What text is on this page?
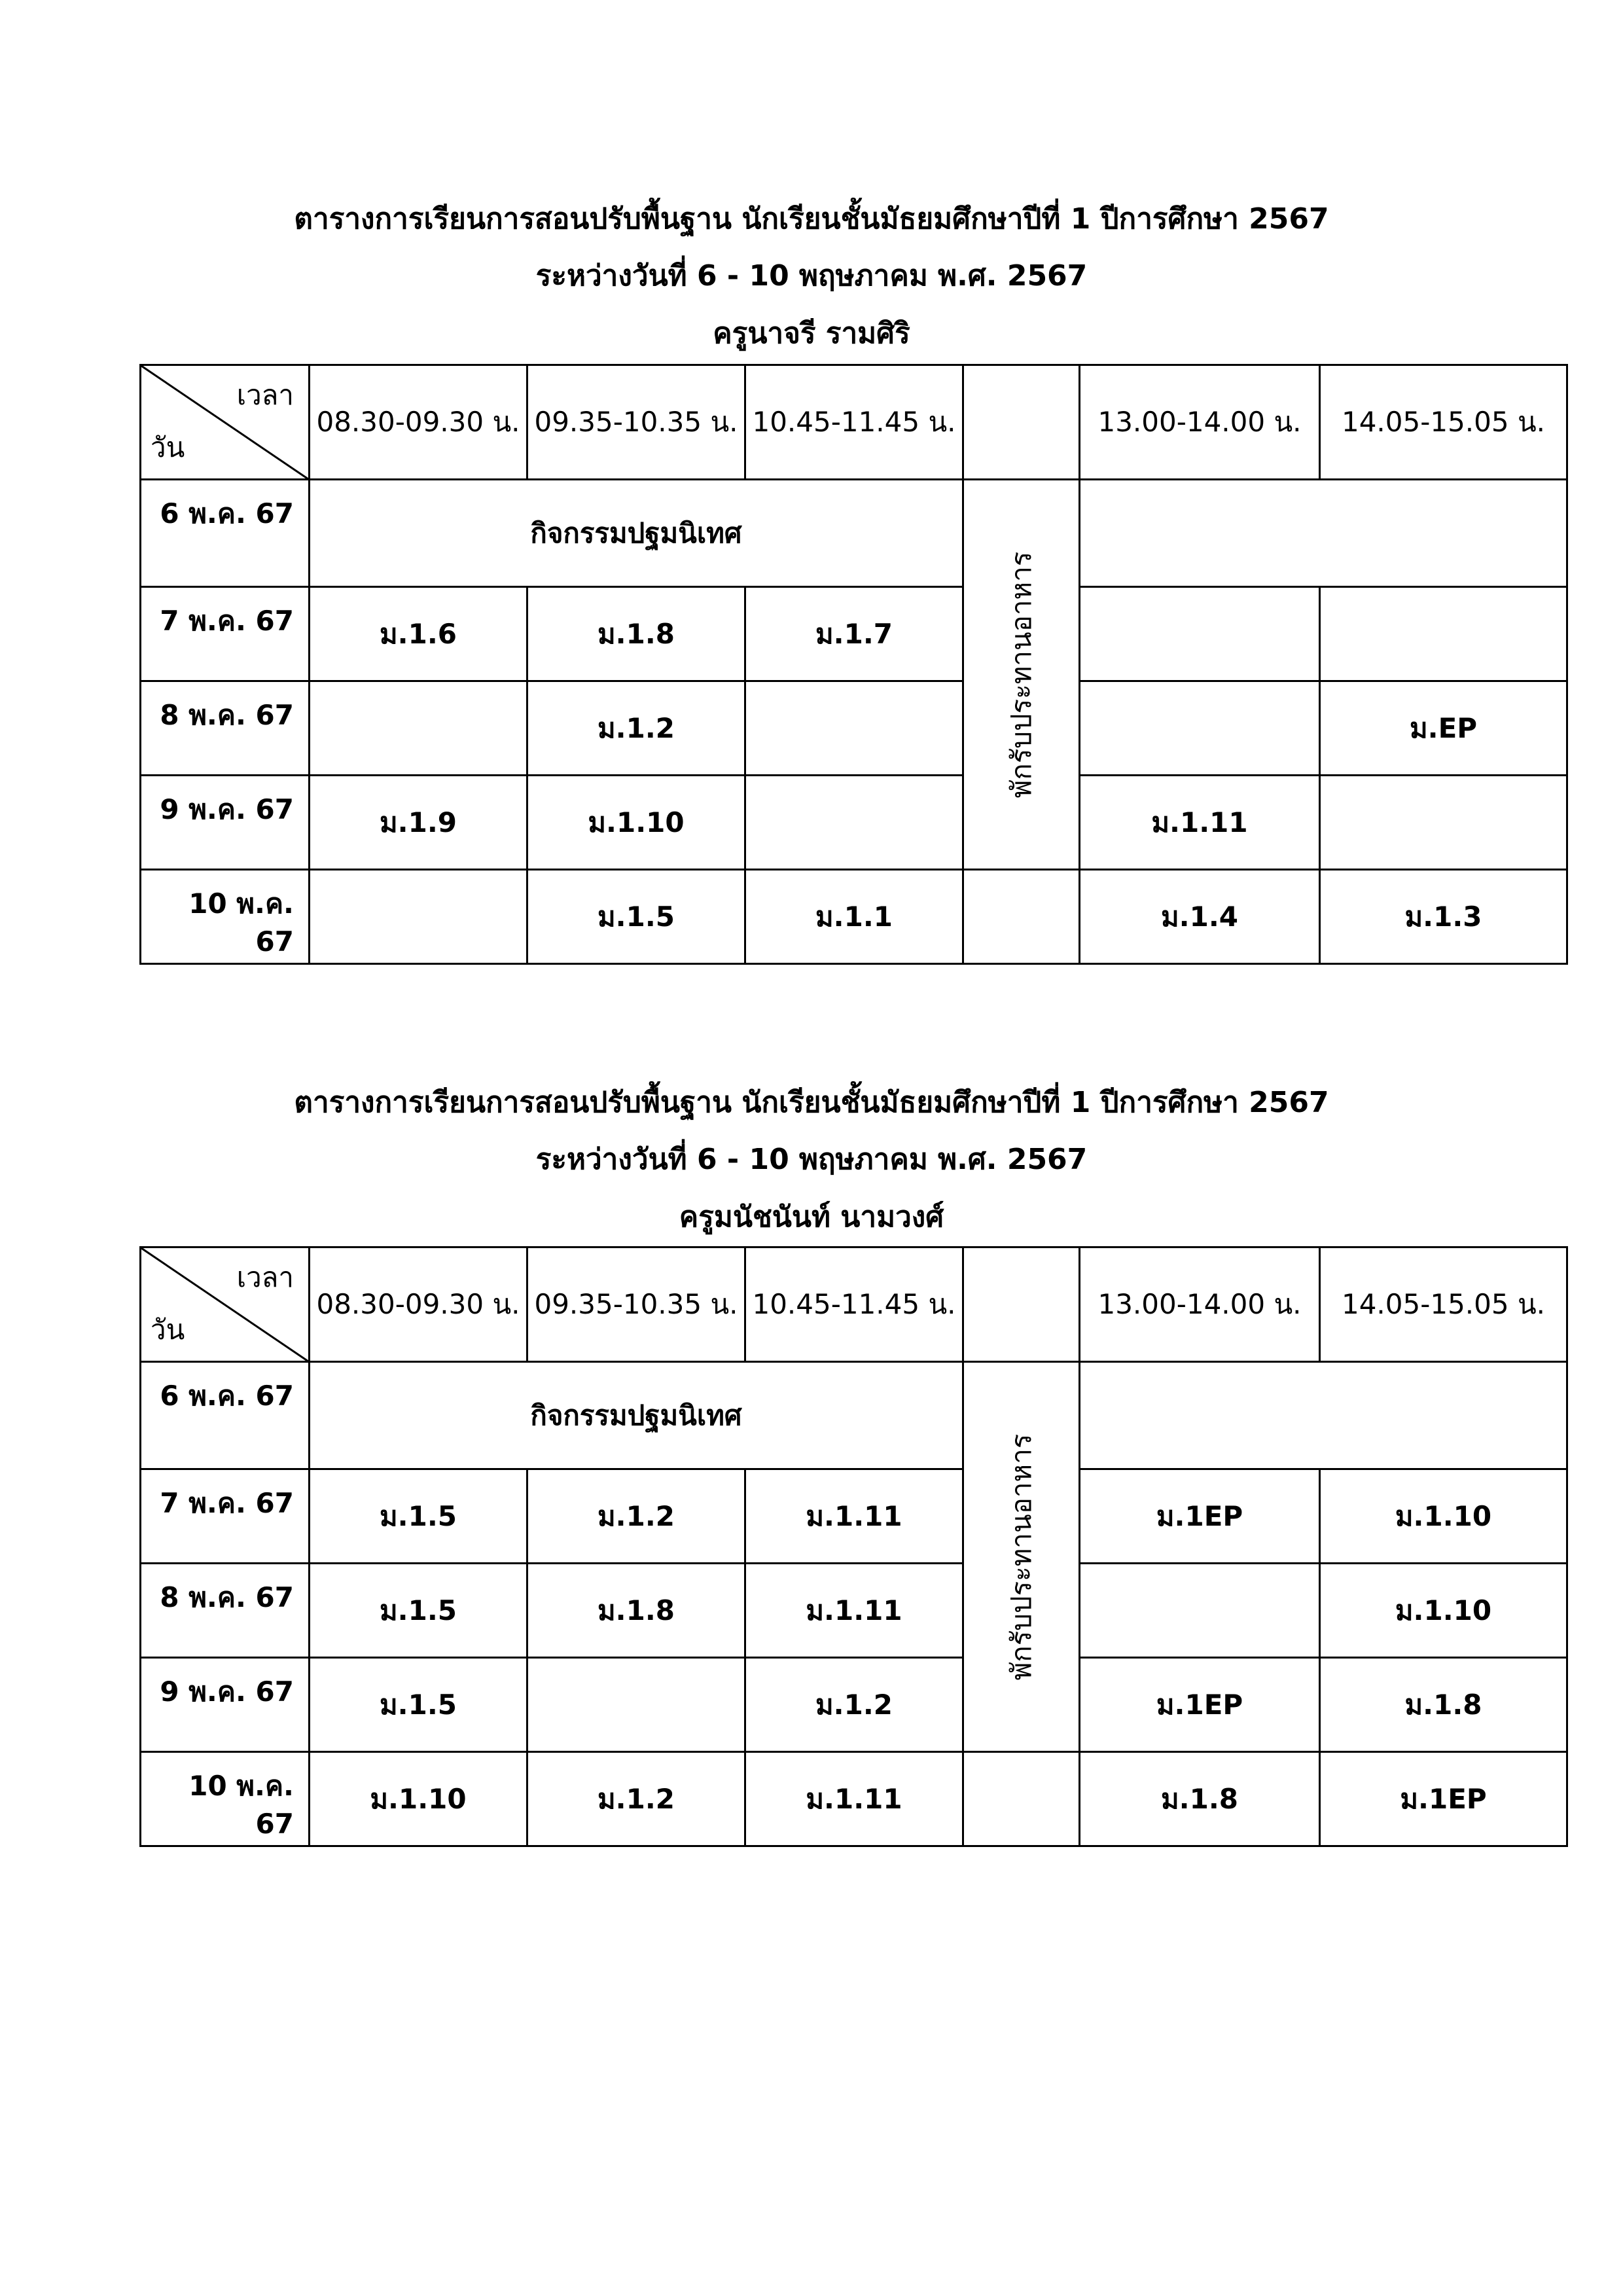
ตารางการเรียนการสอนปรับพื้นฐาน นักเรียนชั้นมัธยมศึกษาปีที่ 1 ปีการศึกษา 2567
ระหว่างวันที่ 6 - 10 พฤษภาคม พ.ศ. 2567
ครูนาจรี รามศิริ
เวลา
วัน	08.30-09.30 น.	09.35-10.35 น.	10.45-11.45 น.		13.00-14.00 น.	14.05-15.05 น.
6 พ.ค. 67	กิจกรรมปฐมนิเทศ			พักรับประทานอาหาร		

7 พ.ค. 67	ม.1.6	ม.1.8	ม.1.7			
8 พ.ค. 67		ม.1.2				ม.EP
9 พ.ค. 67	ม.1.9	ม.1.10			ม.1.11	
10 พ.ค. 67		ม.1.5	ม.1.1		ม.1.4	ม.1.3
ตารางการเรียนการสอนปรับพื้นฐาน นักเรียนชั้นมัธยมศึกษาปีที่ 1 ปีการศึกษา 2567
ระหว่างวันที่ 6 - 10 พฤษภาคม พ.ศ. 2567
ครูมนัชนันท์ นามวงศ์
เวลา
วัน	08.30-09.30 น.	09.35-10.35 น.	10.45-11.45 น.		13.00-14.00 น.	14.05-15.05 น.
6 พ.ค. 67	กิจกรรมปฐมนิเทศ			พักรับประทานอาหาร		

7 พ.ค. 67	ม.1.5	ม.1.2	ม.1.11		ม.1EP	ม.1.10
8 พ.ค. 67	ม.1.5	ม.1.8	ม.1.11			ม.1.10
9 พ.ค. 67	ม.1.5		ม.1.2		ม.1EP	ม.1.8
10 พ.ค. 67	ม.1.10	ม.1.2	ม.1.11		ม.1.8	ม.1EP
